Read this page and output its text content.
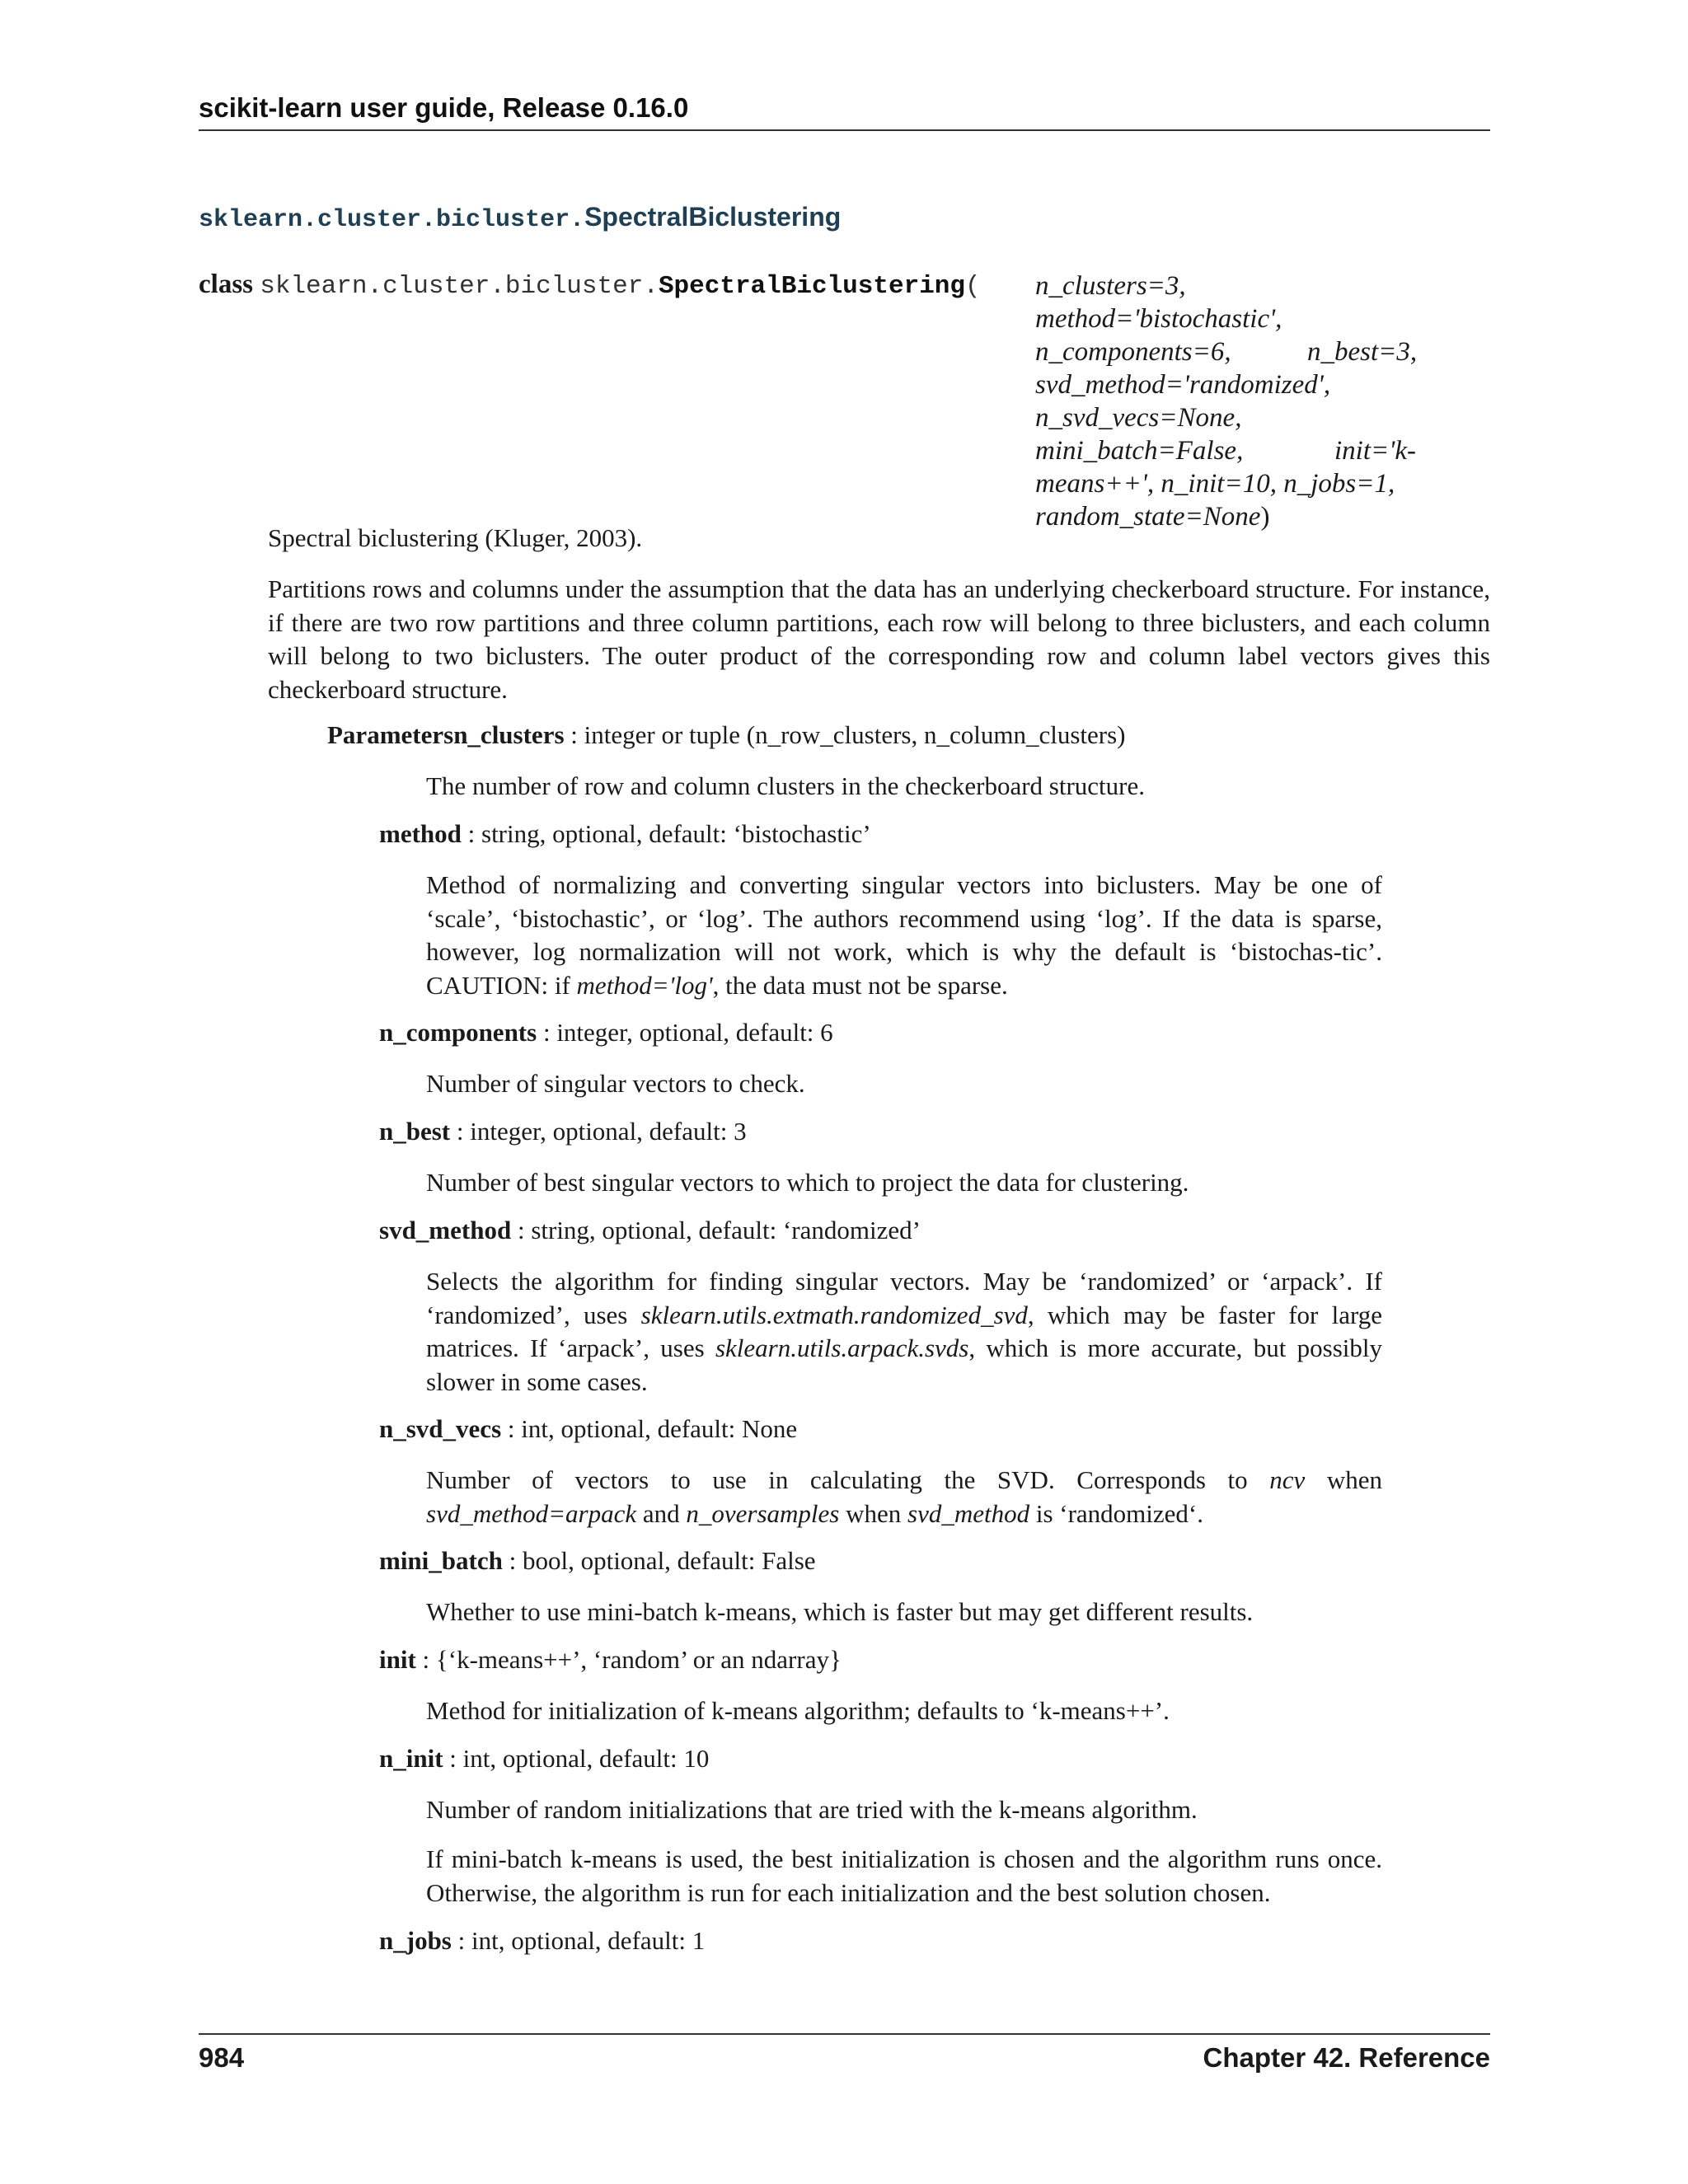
scikit-learn user guide, Release 0.16.0
sklearn.cluster.bicluster.SpectralBiclustering
class sklearn.cluster.bicluster.SpectralBiclustering( n_clusters=3,
method='bistochastic',
n_components=6,	n_best=3,
svd_method='randomized',
n_svd_vecs=None,
mini_batch=False,	init='k-
means++', n_init=10, n_jobs=1,
random_state=None)
Spectral biclustering (Kluger, 2003).
Partitions rows and columns under the assumption that the data has an underlying checkerboard structure. For instance, if there are two row partitions and three column partitions, each row will belong to three biclusters, and each column will belong to two biclusters. The outer product of the corresponding row and column label vectors gives this checkerboard structure.
Parametersn_clusters : integer or tuple (n_row_clusters, n_column_clusters)
The number of row and column clusters in the checkerboard structure.
method : string, optional, default: ‘bistochastic’
Method of normalizing and converting singular vectors into biclusters. May be one of ‘scale’, ‘bistochastic’, or ‘log’. The authors recommend using ‘log’. If the data is sparse, however, log normalization will not work, which is why the default is ‘bistochas-tic’. CAUTION: if method='log', the data must not be sparse.
n_components : integer, optional, default: 6
Number of singular vectors to check.
n_best : integer, optional, default: 3
Number of best singular vectors to which to project the data for clustering.
svd_method : string, optional, default: ‘randomized’
Selects the algorithm for finding singular vectors. May be ‘randomized’ or ‘arpack’. If ‘randomized’, uses sklearn.utils.extmath.randomized_svd, which may be faster for large matrices. If ‘arpack’, uses sklearn.utils.arpack.svds, which is more accurate, but possibly slower in some cases.
n_svd_vecs : int, optional, default: None
Number of vectors to use in calculating the SVD. Corresponds to ncv when svd_method=arpack and n_oversamples when svd_method is ‘randomized‘.
mini_batch : bool, optional, default: False
Whether to use mini-batch k-means, which is faster but may get different results.
init : {‘k-means++’, ‘random’ or an ndarray}
Method for initialization of k-means algorithm; defaults to ‘k-means++’.
n_init : int, optional, default: 10
Number of random initializations that are tried with the k-means algorithm.
If mini-batch k-means is used, the best initialization is chosen and the algorithm runs once. Otherwise, the algorithm is run for each initialization and the best solution chosen.
n_jobs : int, optional, default: 1
984	Chapter 42. Reference
